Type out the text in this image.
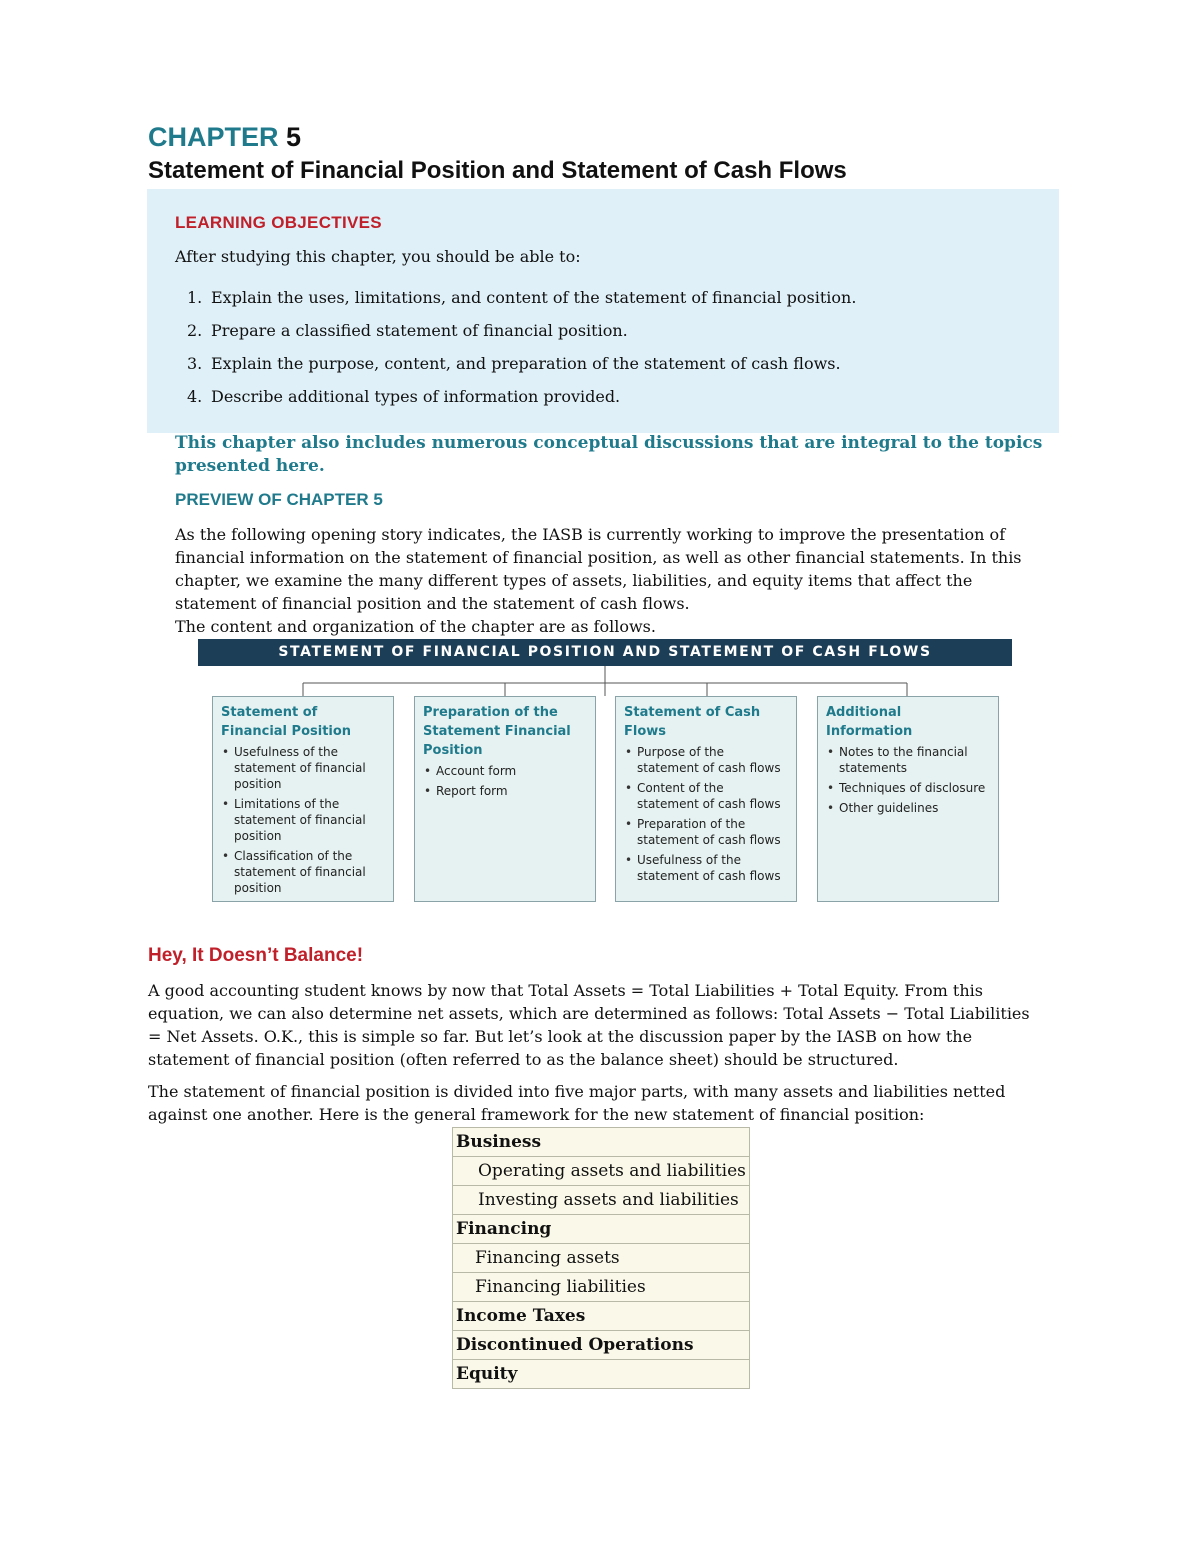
CHAPTER 5
Statement of Financial Position and Statement of Cash Flows
LEARNING OBJECTIVES
After studying this chapter, you should be able to:
1. Explain the uses, limitations, and content of the statement of financial position.
2. Prepare a classified statement of financial position.
3. Explain the purpose, content, and preparation of the statement of cash flows.
4. Describe additional types of information provided.
This chapter also includes numerous conceptual discussions that are integral to the topics presented here.
PREVIEW OF CHAPTER 5

As the following opening story indicates, the IASB is currently working to improve the presentation of financial information on the statement of financial position, as well as other financial statements. In this chapter, we examine the many different types of assets, liabilities, and equity items that affect the statement of financial position and the statement of cash flows.
The content and organization of the chapter are as follows.

STATEMENT OF FINANCIAL POSITION AND STATEMENT OF CASH FLOWS
Statement of Financial Position
• Usefulness of the statement of financial position
• Limitations of the statement of financial position
• Classification of the statement of financial position
Preparation of the Statement Financial Position
• Account form
• Report form
Statement of Cash Flows
• Purpose of the statement of cash flows
• Content of the statement of cash flows
• Preparation of the statement of cash flows
• Usefulness of the statement of cash flows
Additional Information
• Notes to the financial statements
• Techniques of disclosure
• Other guidelines
Hey, It Doesn’t Balance!

A good accounting student knows by now that Total Assets = Total Liabilities + Total Equity. From this equation, we can also determine net assets, which are determined as follows: Total Assets − Total Liabilities = Net Assets. O.K., this is simple so far. But let’s look at the discussion paper by the IASB on how the statement of financial position (often referred to as the balance sheet) should be structured.

The statement of financial position is divided into five major parts, with many assets and liabilities netted against one another. Here is the general framework for the new statement of financial position:

Business
Operating assets and liabilities
Investing assets and liabilities
Financing
Financing assets
Financing liabilities
Income Taxes
Discontinued Operations
Equity
